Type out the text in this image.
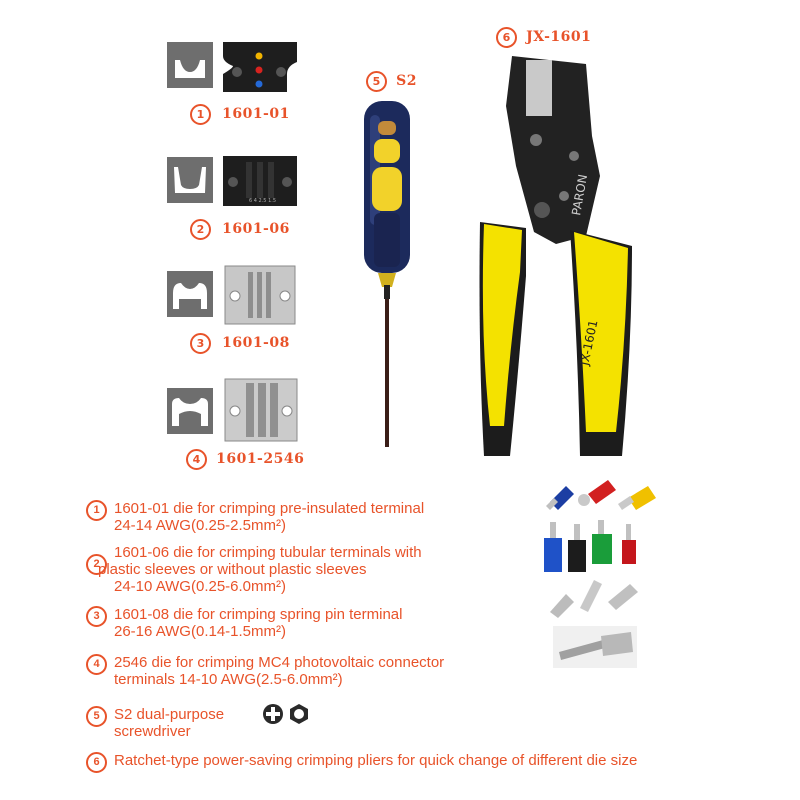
1 1601-01
6 4 2.5 1.5
2 1601-06
3 1601-08
4 1601-2546
5 S2
6 JX-1601
PARON
JX-1601
1 1601-01 die for crimping pre-insulated terminal
24-14 AWG(0.25-2.5mm²)
2
1601-06 die for crimping tubular terminals with
plastic sleeves or without plastic sleeves
24-10 AWG(0.25-6.0mm²)
3 1601-08 die for crimping spring pin terminal
26-16 AWG(0.14-1.5mm²)
4 2546 die for crimping MC4 photovoltaic connector
terminals 14-10 AWG(2.5-6.0mm²)
5 S2 dual-purpose
screwdriver
6 Ratchet-type power-saving crimping pliers for quick change of different die size
